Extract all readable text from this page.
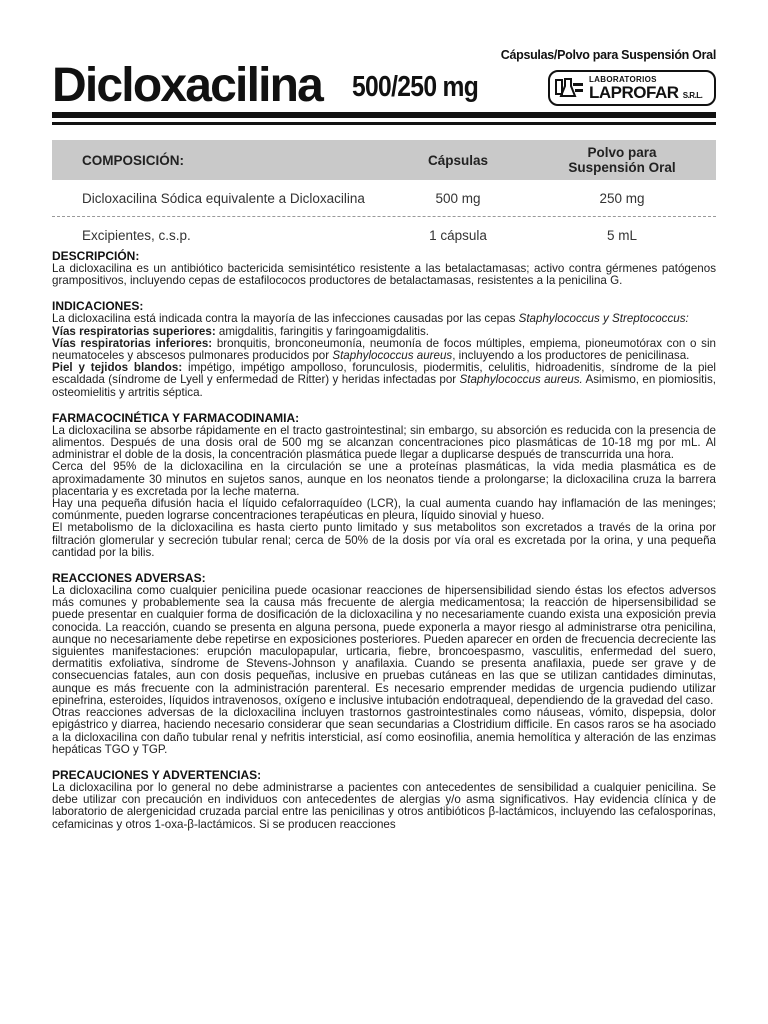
Cápsulas/Polvo para Suspensión Oral
Dicloxacilina 500/250 mg	LABORATORIOS
LAPROFAR S.R.L.
COMPOSICIÓN:	Cápsulas	Polvo para
Suspensión Oral
Dicloxacilina Sódica equivalente a Dicloxacilina	500 mg	250 mg
Excipientes, c.s.p.	1 cápsula	5 mL
DESCRIPCIÓN:

La dicloxacilina es un antibiótico bactericida semisintético resistente a las betalactamasas; activo contra gérmenes patógenos grampositivos, incluyendo cepas de estafilococos productores de betalactamasas, resistentes a la penicilina G.

INDICACIONES:

La dicloxacilina está indicada contra la mayoría de las infecciones causadas por las cepas Staphylococcus y Streptococcus:

Vías respiratorias superiores: amigdalitis, faringitis y faringoamigdalitis.

Vías respiratorias inferiores: bronquitis, bronconeumonía, neumonía de focos múltiples, empiema, pioneumotórax con o sin neumatoceles y abscesos pulmonares producidos por Staphylococcus aureus, incluyendo a los productores de penicilinasa.

Piel y tejidos blandos: impétigo, impétigo ampolloso, forunculosis, piodermitis, celulitis, hidroadenitis, síndrome de la piel escaldada (síndrome de Lyell y enfermedad de Ritter) y heridas infectadas por Staphylococcus aureus. Asimismo, en piomiositis, osteomielitis y artritis séptica.

FARMACOCINÉTICA Y FARMACODINAMIA:

La dicloxacilina se absorbe rápidamente en el tracto gastrointestinal; sin embargo, su absorción es reducida con la presencia de alimentos. Después de una dosis oral de 500 mg se alcanzan concentraciones pico plasmáticas de 10-18 mg por mL. Al administrar el doble de la dosis, la concentración plasmática puede llegar a duplicarse después de transcurrida una hora.

Cerca del 95% de la dicloxacilina en la circulación se une a proteínas plasmáticas, la vida media plasmática es de aproximadamente 30 minutos en sujetos sanos, aunque en los neonatos tiende a prolongarse; la dicloxacilina cruza la barrera placentaria y es excretada por la leche materna.

Hay una pequeña difusión hacia el líquido cefalorraquídeo (LCR), la cual aumenta cuando hay inflamación de las meninges; comúnmente, pueden lograrse concentraciones terapéuticas en pleura, líquido sinovial y hueso.

El metabolismo de la dicloxacilina es hasta cierto punto limitado y sus metabolitos son excretados a través de la orina por filtración glomerular y secreción tubular renal; cerca de 50% de la dosis por vía oral es excretada por la orina, y una pequeña cantidad por la bilis.

REACCIONES ADVERSAS:

La dicloxacilina como cualquier penicilina puede ocasionar reacciones de hipersensibilidad siendo éstas los efectos adversos más comunes y probablemente sea la causa más frecuente de alergia medicamentosa; la reacción de hipersensibilidad se puede presentar en cualquier forma de dosificación de la dicloxacilina y no necesariamente cuando exista una exposición previa conocida. La reacción, cuando se presenta en alguna persona, puede exponerla a mayor riesgo al administrarse otra penicilina, aunque no necesariamente debe repetirse en exposiciones posteriores. Pueden aparecer en orden de frecuencia decreciente las siguientes manifestaciones: erupción maculopapular, urticaria, fiebre, broncoespasmo, vasculitis, enfermedad del suero, dermatitis exfoliativa, síndrome de Stevens-Johnson y anafilaxia. Cuando se presenta anafilaxia, puede ser grave y de consecuencias fatales, aun con dosis pequeñas, inclusive en pruebas cutáneas en las que se utilizan cantidades diminutas, aunque es más frecuente con la administración parenteral. Es necesario emprender medidas de urgencia pudiendo utilizar epinefrina, esteroides, líquidos intravenosos, oxígeno e inclusive intubación endotraqueal, dependiendo de la gravedad del caso.

Otras reacciones adversas de la dicloxacilina incluyen trastornos gastrointestinales como náuseas, vómito, dispepsia, dolor epigástrico y diarrea, haciendo necesario considerar que sean secundarias a Clostridium difficile. En casos raros se ha asociado a la dicloxacilina con daño tubular renal y nefritis intersticial, así como eosinofilia, anemia hemolítica y alteración de las enzimas hepáticas TGO y TGP.

PRECAUCIONES Y ADVERTENCIAS:

La dicloxacilina por lo general no debe administrarse a pacientes con antecedentes de sensibilidad a cualquier penicilina. Se debe utilizar con precaución en individuos con antecedentes de alergias y/o asma significativos. Hay evidencia clínica y de laboratorio de alergenicidad cruzada parcial entre las penicilinas y otros antibióticos β-lactámicos, incluyendo las cefalosporinas, cefamicinas y otros 1-oxa-β-lactámicos. Si se producen reacciones
